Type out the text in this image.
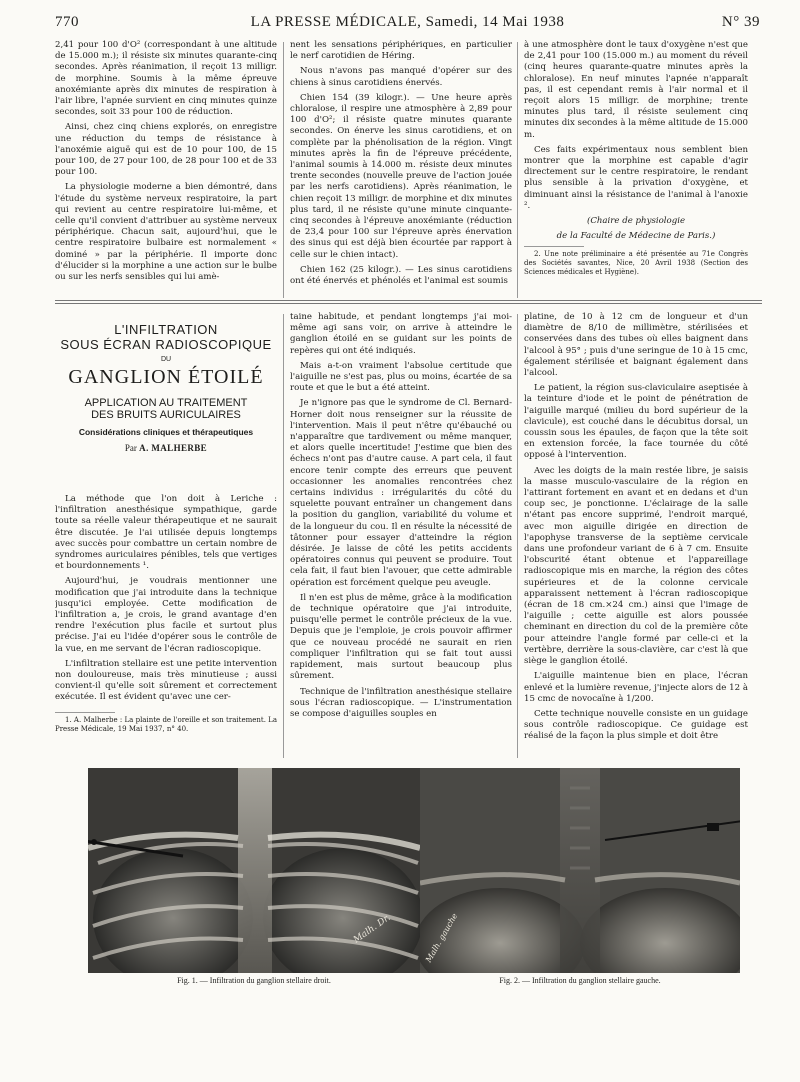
770	LA PRESSE MÉDICALE, Samedi, 14 Mai 1938	N° 39

2,41 pour 100 d'O² (correspondant à une altitude de 15.000 m.); il résiste six minutes quarante-cinq secondes. Après réanimation, il reçoit 13 milligr. de morphine. Soumis à la même épreuve anoxémiante après dix minutes de respiration à l'air libre, l'apnée survient en cinq minutes quinze secondes, soit 33 pour 100 de réduction.

Ainsi, chez cinq chiens explorés, on enregistre une réduction du temps de résistance à l'anoxémie aiguë qui est de 10 pour 100, de 15 pour 100, de 27 pour 100, de 28 pour 100 et de 33 pour 100.

La physiologie moderne a bien démontré, dans l'étude du système nerveux respiratoire, la part qui revient au centre respiratoire lui-même, et celle qu'il convient d'attribuer au système nerveux périphérique. Chacun sait, aujourd'hui, que le centre respiratoire bulbaire est normalement « dominé » par la périphérie. Il importe donc d'élucider si la morphine a une action sur le bulbe ou sur les nerfs sensibles qui lui amè-

nent les sensations périphériques, en particulier le nerf carotidien de Héring.

Nous n'avons pas manqué d'opérer sur des chiens à sinus carotidiens énervés.

Chien 154 (39 kilogr.). — Une heure après chloralose, il respire une atmosphère à 2,89 pour 100 d'O²; il résiste quatre minutes quarante secondes. On énerve les sinus carotidiens, et on complète par la phénolisation de la région. Vingt minutes après la fin de l'épreuve précédente, l'animal soumis à 14.000 m. résiste deux minutes trente secondes (nouvelle preuve de l'action jouée par les nerfs carotidiens). Après réanimation, le chien reçoit 13 milligr. de morphine et dix minutes plus tard, il ne résiste qu'une minute cinquante-cinq secondes à l'épreuve anoxémiante (réduction de 23,4 pour 100 sur l'épreuve après énervation des sinus qui est déjà bien écourtée par rapport à celle sur le chien intact).

Chien 162 (25 kilogr.). — Les sinus carotidiens ont été énervés et phénolés et l'animal est soumis

à une atmosphère dont le taux d'oxygène n'est que de 2,41 pour 100 (15.000 m.) au moment du réveil (cinq heures quarante-quatre minutes après la chloralose). En neuf minutes l'apnée n'apparaît pas, il est cependant remis à l'air normal et il reçoit alors 15 milligr. de morphine; trente minutes plus tard, il résiste seulement cinq minutes dix secondes à la même altitude de 15.000 m.

Ces faits expérimentaux nous semblent bien montrer que la morphine est capable d'agir directement sur le centre respiratoire, le rendant plus sensible à la privation d'oxygène, et diminuant ainsi la résistance de l'animal à l'anoxie ².

(Chaire de physiologie

de la Faculté de Médecine de Paris.)

2. Une note préliminaire a été présentée au 71e Congrès des Sociétés savantes, Nice, 20 Avril 1938 (Section des Sciences médicales et Hygiène).

L'INFILTRATION
SOUS ÉCRAN RADIOSCOPIQUE
DU
GANGLION ÉTOILÉ
APPLICATION AU TRAITEMENT
DES BRUITS AURICULAIRES
Considérations cliniques et thérapeutiques
Par A. MALHERBE

La méthode que l'on doit à Leriche : l'infiltration anesthésique sympathique, garde toute sa réelle valeur thérapeutique et ne saurait être discutée. Je l'ai utilisée depuis longtemps avec succès pour combattre un certain nombre de syndromes auriculaires pénibles, tels que vertiges et bourdonnements ¹.

Aujourd'hui, je voudrais mentionner une modification que j'ai introduite dans la technique jusqu'ici employée. Cette modification de l'infiltration a, je crois, le grand avantage d'en rendre l'exécution plus facile et surtout plus précise. J'ai eu l'idée d'opérer sous le contrôle de la vue, en me servant de l'écran radioscopique.

L'infiltration stellaire est une petite intervention non douloureuse, mais très minutieuse ; aussi convient-il qu'elle soit sûrement et correctement exécutée. Il est évident qu'avec une cer-

1. A. Malherbe : La plainte de l'oreille et son traitement. La Presse Médicale, 19 Mai 1937, n° 40.

taine habitude, et pendant longtemps j'ai moi-même agi sans voir, on arrive à atteindre le ganglion étoilé en se guidant sur les points de repères qui ont été indiqués.

Mais a-t-on vraiment l'absolue certitude que l'aiguille ne s'est pas, plus ou moins, écartée de sa route et que le but a été atteint.

Je n'ignore pas que le syndrome de Cl. Bernard-Horner doit nous renseigner sur la réussite de l'intervention. Mais il peut n'être qu'ébauché ou n'apparaître que tardivement ou même manquer, et alors quelle incertitude! J'estime que bien des échecs n'ont pas d'autre cause. A part cela, il faut encore tenir compte des erreurs que peuvent occasionner les anomalies rencontrées chez certains individus : irrégularités du côté du squelette pouvant entraîner un changement dans la position du ganglion, variabilité du volume et de la longueur du cou. Il en résulte la nécessité de tâtonner pour essayer d'atteindre la région désirée. Je laisse de côté les petits accidents opératoires connus qui peuvent se produire. Tout cela fait, il faut bien l'avouer, que cette admirable opération est forcément quelque peu aveugle.

Il n'en est plus de même, grâce à la modification de technique opératoire que j'ai introduite, puisqu'elle permet le contrôle précieux de la vue. Depuis que je l'emploie, je crois pouvoir affirmer que ce nouveau procédé ne saurait en rien compliquer l'infiltration qui se fait tout aussi rapidement, mais surtout beaucoup plus sûrement.

Technique de l'infiltration anesthésique stellaire sous l'écran radioscopique. — L'instrumentation se compose d'aiguilles souples en

platine, de 10 à 12 cm de longueur et d'un diamètre de 8/10 de millimètre, stérilisées et conservées dans des tubes où elles baignent dans l'alcool à 95° ; puis d'une seringue de 10 à 15 cmc, également stérilisée et baignant également dans l'alcool.

Le patient, la région sus-claviculaire aseptisée à la teinture d'iode et le point de pénétration de l'aiguille marqué (milieu du bord supérieur de la clavicule), est couché dans le décubitus dorsal, un coussin sous les épaules, de façon que la tête soit en extension forcée, la face tournée du côté opposé à l'intervention.

Avec les doigts de la main restée libre, je saisis la masse musculo-vasculaire de la région en l'attirant fortement en avant et en dedans et d'un coup sec, je ponctionne. L'éclairage de la salle n'étant pas encore supprimé, l'endroit marqué, avec mon aiguille dirigée en direction de l'apophyse transverse de la septième cervicale dans une profondeur variant de 6 à 7 cm. Ensuite l'obscurité étant obtenue et l'appareillage radioscopique mis en marche, la région des côtes supérieures et de la colonne cervicale apparaissent nettement à l'écran radioscopique (écran de 18 cm.×24 cm.) ainsi que l'image de l'aiguille ; cette aiguille est alors poussée cheminant en direction du col de la première côte pour atteindre l'angle formé par celle-ci et la vertèbre, derrière la sous-clavière, car c'est là que siège le ganglion étoilé.

L'aiguille maintenue bien en place, l'écran enlevé et la lumière revenue, j'injecte alors de 12 à 15 cmc de novocaïne à 1/200.

Cette technique nouvelle consiste en un guidage sous contrôle radioscopique. Ce guidage est réalisé de la façon la plus simple et doit être

Malh. Dr.
Fig. 1. — Infiltration du ganglion stellaire droit.
Malh. gauche
Fig. 2. — Infiltration du ganglion stellaire gauche.
